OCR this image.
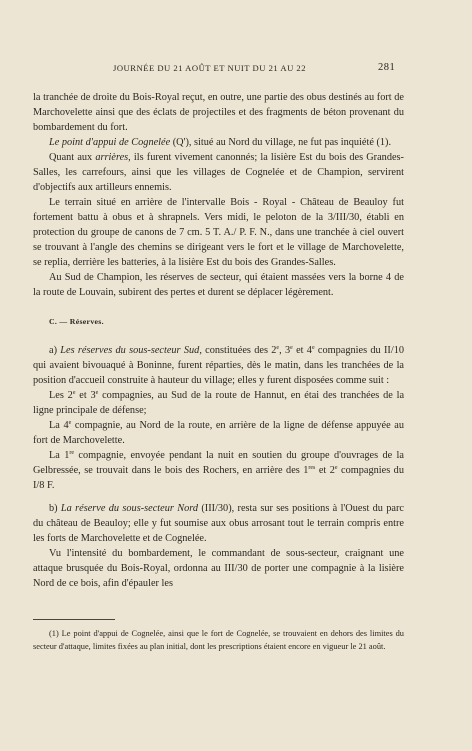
JOURNÉE DU 21 AOÛT ET NUIT DU 21 AU 22	281

la tranchée de droite du Bois-Royal reçut, en outre, une partie des obus destinés au fort de Marchovelette ainsi que des éclats de projectiles et des fragments de béton provenant du bombardement du fort.

Le point d'appui de Cognelée (Q'), situé au Nord du village, ne fut pas inquiété (1).

Quant aux arrières, ils furent vivement canonnés; la lisière Est du bois des Grandes-Salles, les carrefours, ainsi que les villages de Cognelée et de Champion, servirent d'objectifs aux artilleurs ennemis.

Le terrain situé en arrière de l'intervalle Bois - Royal - Château de Beauloy fut fortement battu à obus et à shrapnels. Vers midi, le peloton de la 3/III/30, établi en protection du groupe de canons de 7 cm. 5 T. A./ P. F. N., dans une tranchée à ciel ouvert se trouvant à l'angle des chemins se dirigeant vers le fort et le village de Marchovelette, se replia, derrière les batteries, à la lisière Est du bois des Grandes-Salles.

Au Sud de Champion, les réserves de secteur, qui étaient massées vers la borne 4 de la route de Louvain, subirent des pertes et durent se déplacer légèrement.

C. — Réserves.

a) Les réserves du sous-secteur Sud, constituées des 2e, 3e et 4e compagnies du II/10 qui avaient bivouaqué à Boninne, furent réparties, dès le matin, dans les tranchées de la position d'accueil construite à hauteur du village; elles y furent disposées comme suit :

Les 2e et 3e compagnies, au Sud de la route de Hannut, en étai des tranchées de la ligne principale de défense;

La 4e compagnie, au Nord de la route, en arrière de la ligne de défense appuyée au fort de Marchovelette.

La 1re compagnie, envoyée pendant la nuit en soutien du groupe d'ouvrages de la Gelbressée, se trouvait dans le bois des Rochers, en arrière des 1res et 2e compagnies du I/8 F.

b) La réserve du sous-secteur Nord (III/30), resta sur ses positions à l'Ouest du parc du château de Beauloy; elle y fut soumise aux obus arrosant tout le terrain compris entre les forts de Marchovelette et de Cognelée.

Vu l'intensité du bombardement, le commandant de sous-secteur, craignant une attaque brusquée du Bois-Royal, ordonna au III/30 de porter une compagnie à la lisière Nord de ce bois, afin d'épauler les

(1) Le point d'appui de Cognelée, ainsi que le fort de Cognelée, se trouvaient en dehors des limites du secteur d'attaque, limites fixées au plan initial, dont les prescriptions étaient encore en vigueur le 21 août.
